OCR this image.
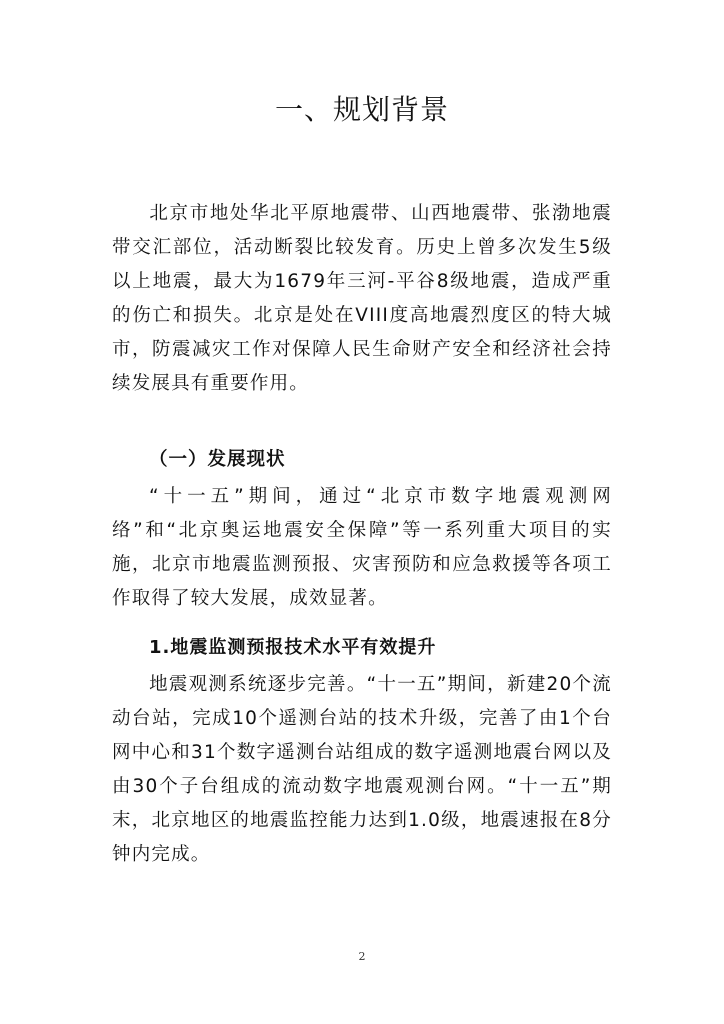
一、规划背景

北京市地处华北平原地震带、山西地震带、张渤地震带交汇部位，活动断裂比较发育。历史上曾多次发生5级以上地震，最大为1679年三河-平谷8级地震，造成严重的伤亡和损失。北京是处在VIII度高地震烈度区的特大城市，防震减灾工作对保障人民生命财产安全和经济社会持续发展具有重要作用。

（一）发展现状

“十一五”期间，通过“北京市数字地震观测网络”和“北京奥运地震安全保障”等一系列重大项目的实施，北京市地震监测预报、灾害预防和应急救援等各项工作取得了较大发展，成效显著。

1.地震监测预报技术水平有效提升

地震观测系统逐步完善。“十一五”期间，新建20个流动台站，完成10个遥测台站的技术升级，完善了由1个台网中心和31个数字遥测台站组成的数字遥测地震台网以及由30个子台组成的流动数字地震观测台网。“十一五”期末，北京地区的地震监控能力达到1.0级，地震速报在8分钟内完成。

2
